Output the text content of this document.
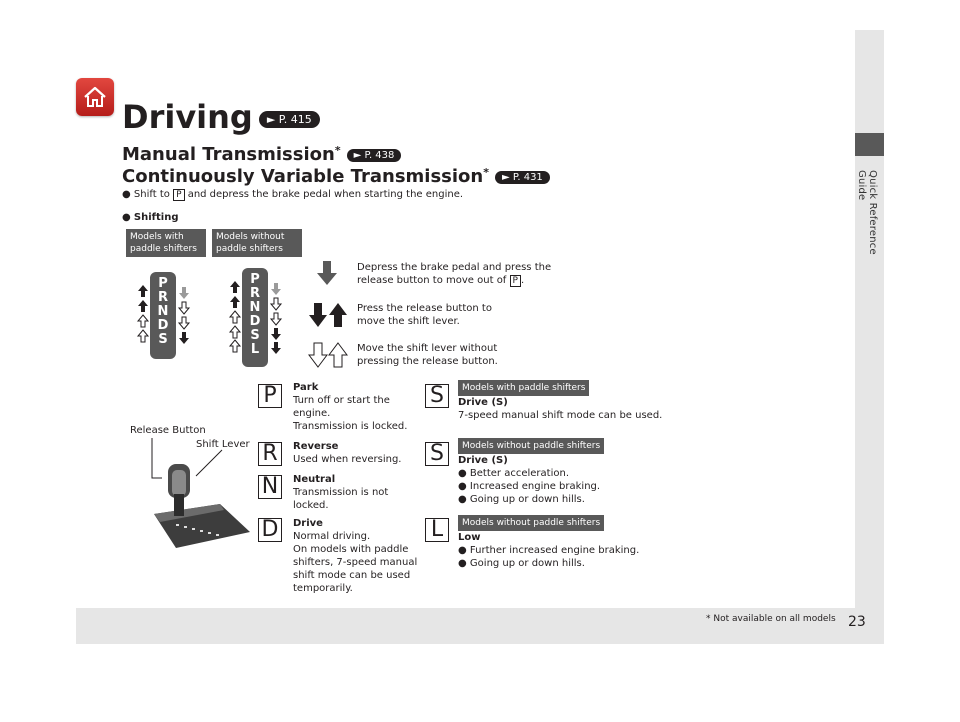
Quick Reference Guide
Driving ► P. 415
Manual Transmission* ► P. 438
Continuously Variable Transmission* ► P. 431
● Shift to P and depress the brake pedal when starting the engine.
● Shifting
Models with
paddle shifters
Models without
paddle shifters
P
R
N
D
S
P
R
N
D
S
L
Depress the brake pedal and press the
release button to move out of P .
Press the release button to
move the shift lever.
Move the shift lever without
pressing the release button.
Release Button
Shift Lever
P	Park
Turn off or start the
engine.
Transmission is locked.
R	Reverse
Used when reversing.
N	Neutral
Transmission is not
locked.
D	Drive
Normal driving.
On models with paddle
shifters, 7-speed manual
shift mode can be used
temporarily.
S	Models with paddle shifters
Drive (S)
7-speed manual shift mode can be used.
S	Models without paddle shifters
Drive (S)
● Better acceleration.
● Increased engine braking.
● Going up or down hills.
L	Models without paddle shifters
Low
● Further increased engine braking.
● Going up or down hills.
* Not available on all models 23
